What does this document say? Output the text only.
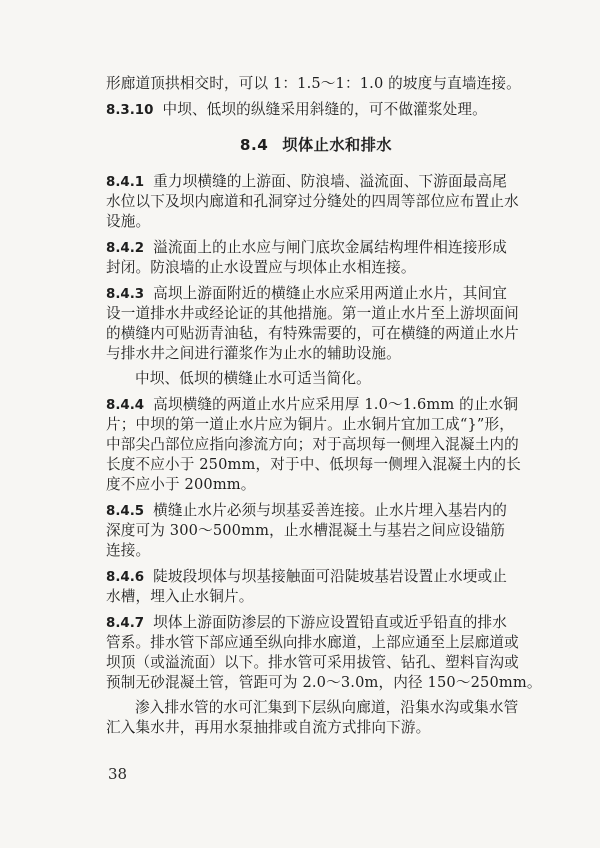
形廊道顶拱相交时，可以 1：1.5～1：1.0 的坡度与直墙连接。
8.3.10 中坝、低坝的纵缝采用斜缝的，可不做灌浆处理。
8.4 坝体止水和排水
8.4.1 重力坝横缝的上游面、防浪墙、溢流面、下游面最高尾
水位以下及坝内廊道和孔洞穿过分缝处的四周等部位应布置止水
设施。
8.4.2 溢流面上的止水应与闸门底坎金属结构埋件相连接形成
封闭。防浪墙的止水设置应与坝体止水相连接。
8.4.3 高坝上游面附近的横缝止水应采用两道止水片，其间宜
设一道排水井或经论证的其他措施。第一道止水片至上游坝面间
的横缝内可贴沥青油毡，有特殊需要的，可在横缝的两道止水片
与排水井之间进行灌浆作为止水的辅助设施。
中坝、低坝的横缝止水可适当简化。
8.4.4 高坝横缝的两道止水片应采用厚 1.0～1.6mm 的止水铜
片；中坝的第一道止水片应为铜片。止水铜片宜加工成“}”形，
中部尖凸部位应指向渗流方向；对于高坝每一侧埋入混凝土内的
长度不应小于 250mm，对于中、低坝每一侧埋入混凝土内的长
度不应小于 200mm。
8.4.5 横缝止水片必须与坝基妥善连接。止水片埋入基岩内的
深度可为 300～500mm，止水槽混凝土与基岩之间应设锚筋
连接。
8.4.6 陡坡段坝体与坝基接触面可沿陡坡基岩设置止水埂或止
水槽，埋入止水铜片。
8.4.7 坝体上游面防渗层的下游应设置铅直或近乎铅直的排水
管系。排水管下部应通至纵向排水廊道，上部应通至上层廊道或
坝顶（或溢流面）以下。排水管可采用拔管、钻孔、塑料盲沟或
预制无砂混凝土管，管距可为 2.0～3.0m，内径 150～250mm。
渗入排水管的水可汇集到下层纵向廊道，沿集水沟或集水管
汇入集水井，再用水泵抽排或自流方式排向下游。
38
